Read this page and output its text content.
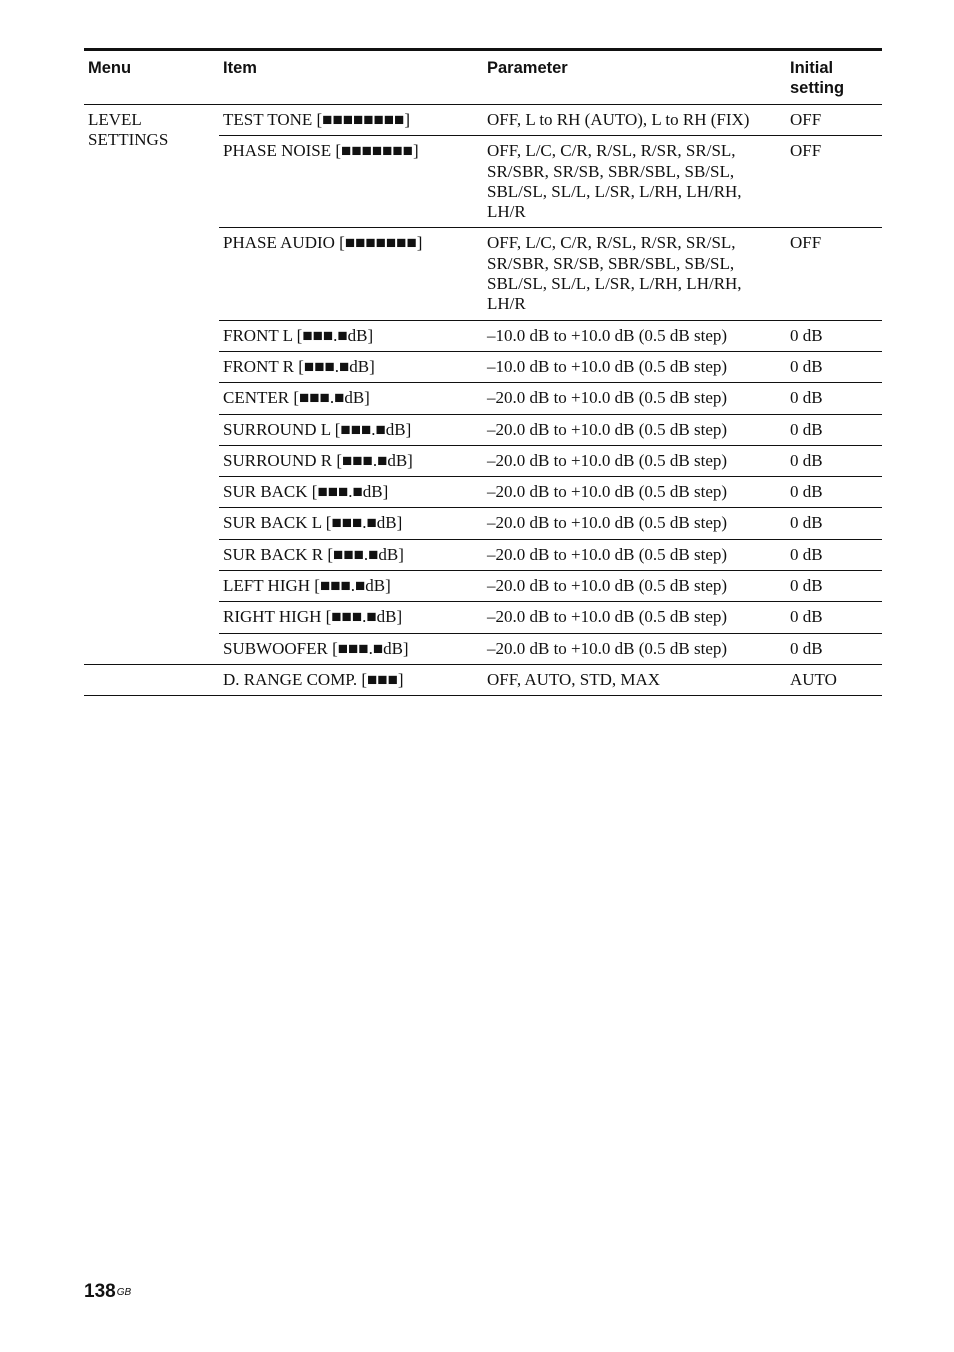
Menu	Item	Parameter	Initial
setting
LEVEL
SETTINGS	TEST TONE [■■■■■■■■]	OFF, L to RH (AUTO), L to RH (FIX)	OFF
	PHASE NOISE [■■■■■■■]	OFF, L/C, C/R, R/SL, R/SR, SR/SL,
SR/SBR, SR/SB, SBR/SBL, SB/SL,
SBL/SL, SL/L, L/SR, L/RH, LH/RH,
LH/R	OFF
	PHASE AUDIO [■■■■■■■]	OFF, L/C, C/R, R/SL, R/SR, SR/SL,
SR/SBR, SR/SB, SBR/SBL, SB/SL,
SBL/SL, SL/L, L/SR, L/RH, LH/RH,
LH/R	OFF
	FRONT L [■■■.■dB]	–10.0 dB to +10.0 dB (0.5 dB step)	0 dB
	FRONT R [■■■.■dB]	–10.0 dB to +10.0 dB (0.5 dB step)	0 dB
	CENTER [■■■.■dB]	–20.0 dB to +10.0 dB (0.5 dB step)	0 dB
	SURROUND L [■■■.■dB]	–20.0 dB to +10.0 dB (0.5 dB step)	0 dB
	SURROUND R [■■■.■dB]	–20.0 dB to +10.0 dB (0.5 dB step)	0 dB
	SUR BACK [■■■.■dB]	–20.0 dB to +10.0 dB (0.5 dB step)	0 dB
	SUR BACK L [■■■.■dB]	–20.0 dB to +10.0 dB (0.5 dB step)	0 dB
	SUR BACK R [■■■.■dB]	–20.0 dB to +10.0 dB (0.5 dB step)	0 dB
	LEFT HIGH [■■■.■dB]	–20.0 dB to +10.0 dB (0.5 dB step)	0 dB
	RIGHT HIGH [■■■.■dB]	–20.0 dB to +10.0 dB (0.5 dB step)	0 dB
	SUBWOOFER [■■■.■dB]	–20.0 dB to +10.0 dB (0.5 dB step)	0 dB
	D. RANGE COMP. [■■■]	OFF, AUTO, STD, MAX	AUTO
$138^{GB}$
